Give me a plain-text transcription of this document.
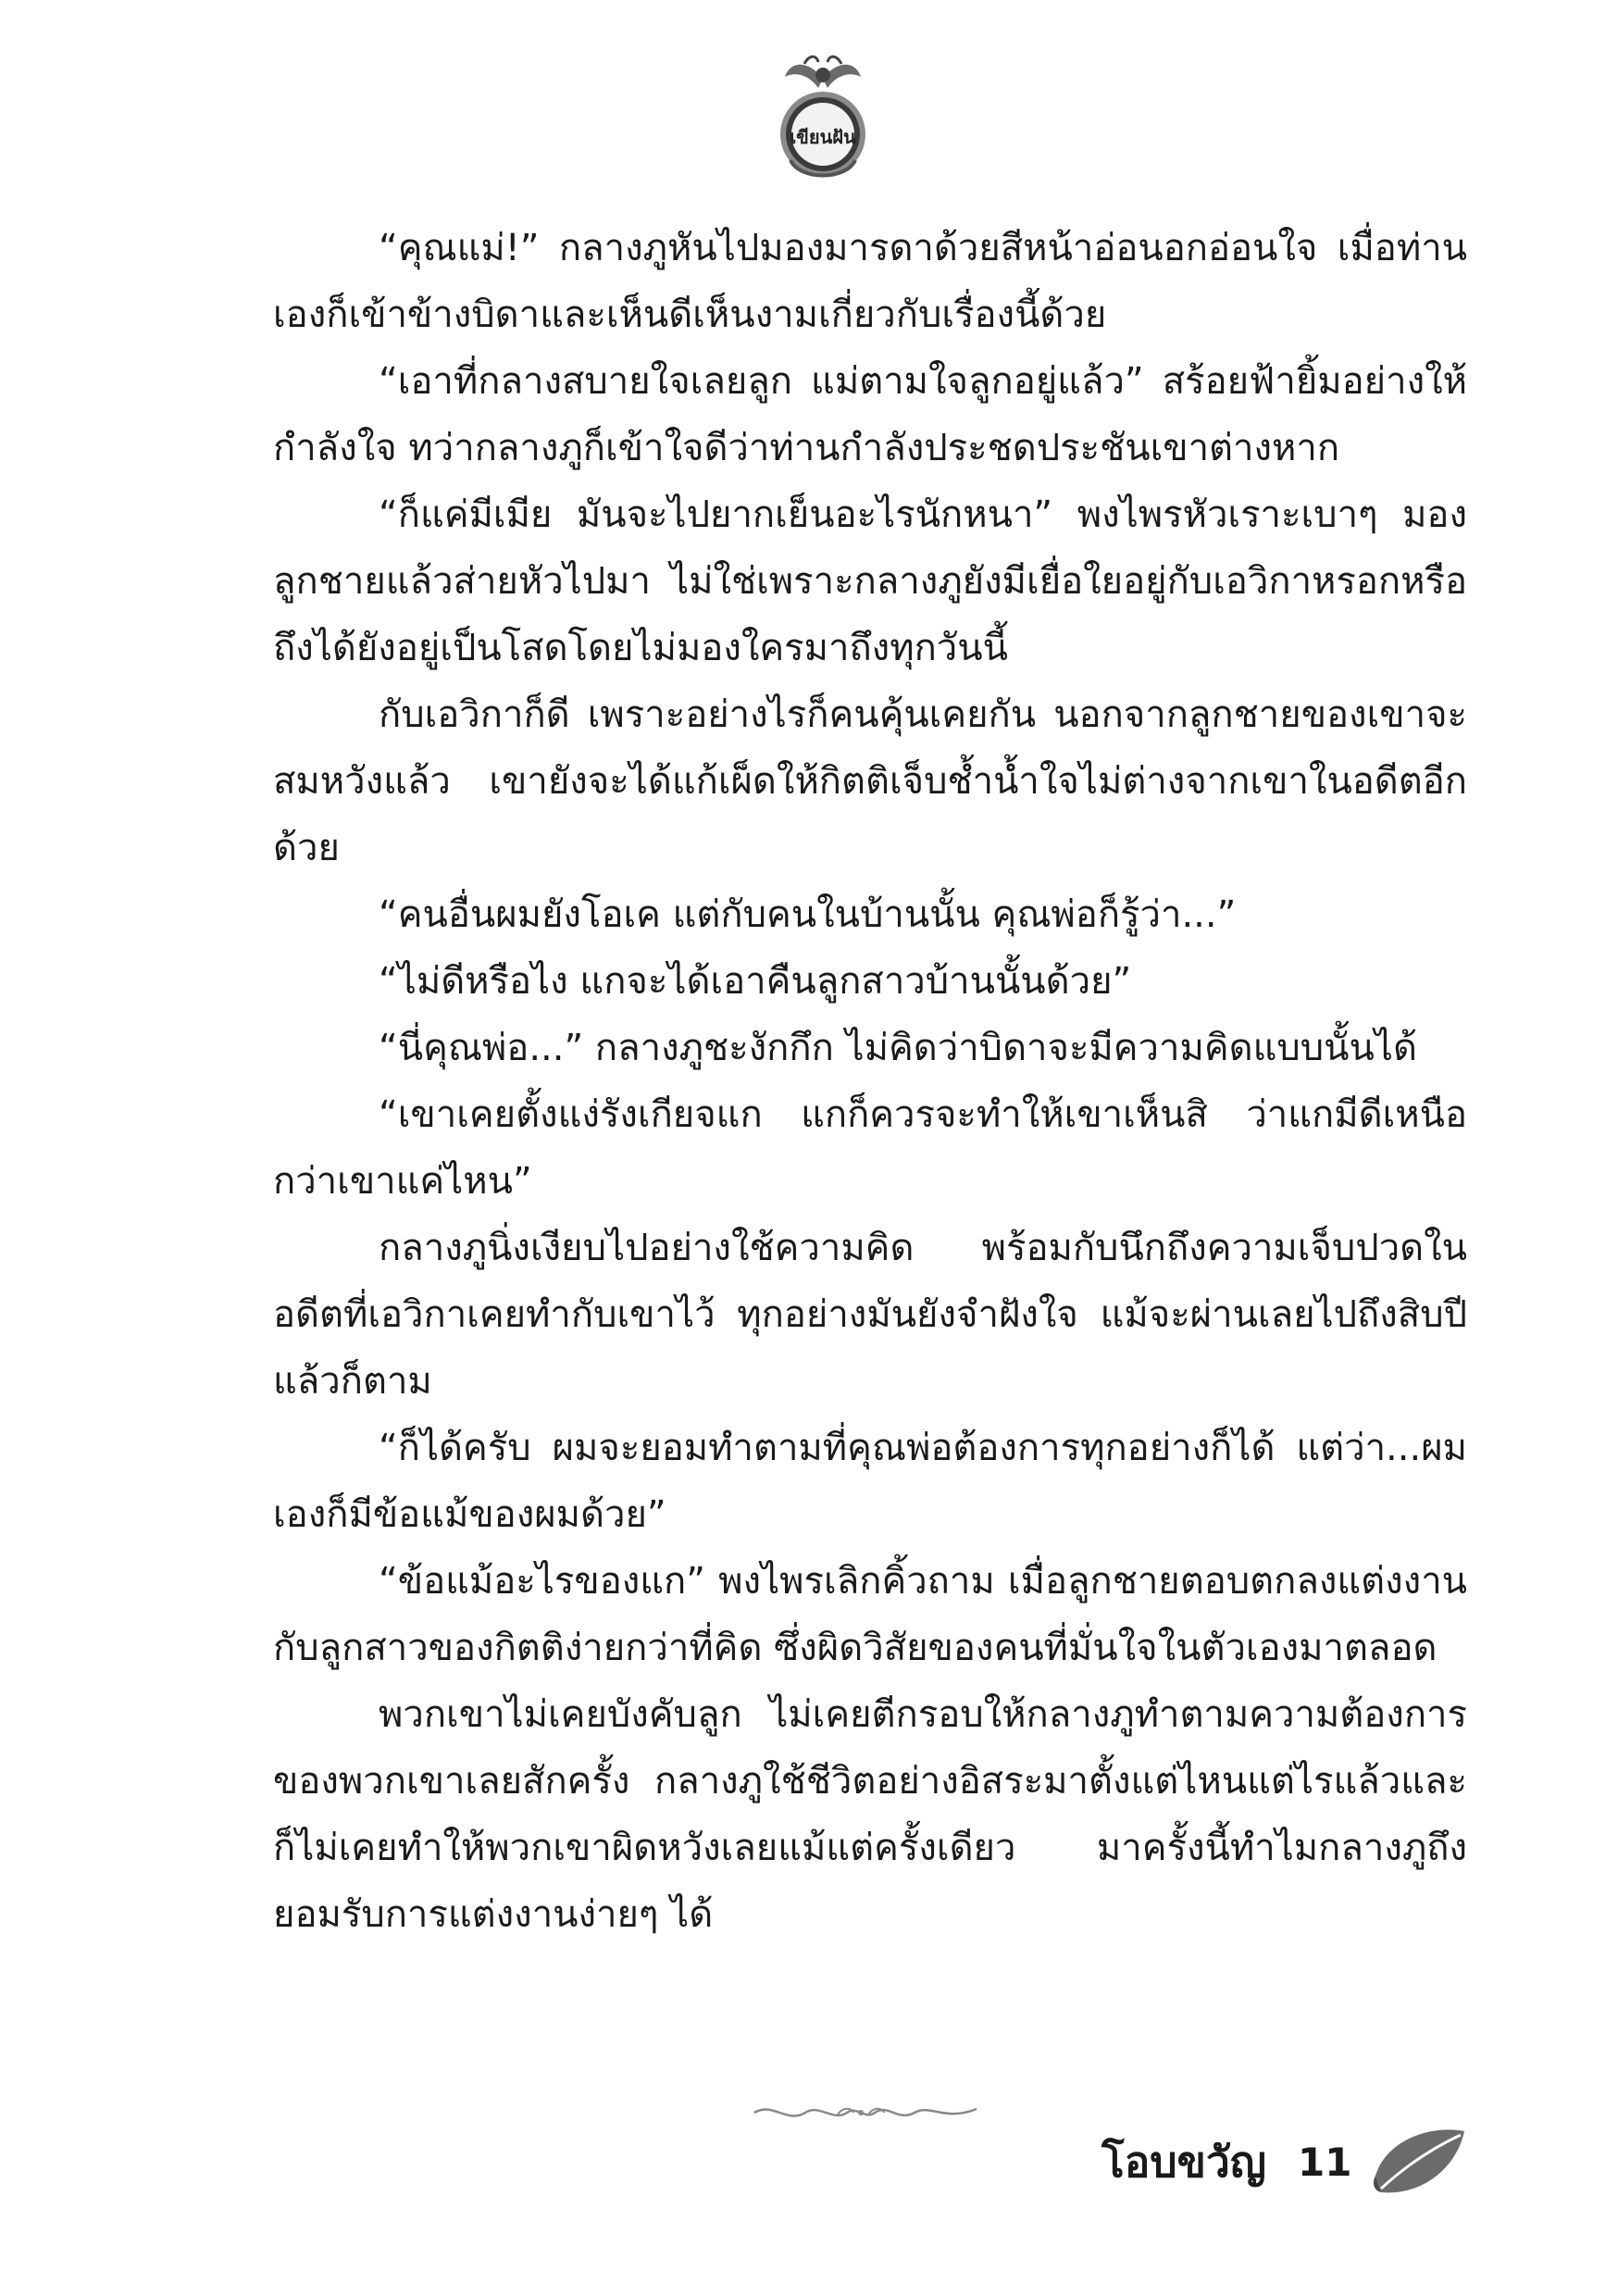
เขียนฝัน

“คุณแม่!” กลางภูหันไปมองมารดาด้วยสีหน้าอ่อนอกอ่อนใจ เมื่อท่านเองก็เข้าข้างบิดาและเห็นดีเห็นงามเกี่ยวกับเรื่องนี้ด้วย

“เอาที่กลางสบายใจเลยลูก แม่ตามใจลูกอยู่แล้ว” สร้อยฟ้ายิ้มอย่างให้กำลังใจ ทว่ากลางภูก็เข้าใจดีว่าท่านกำลังประชดประชันเขาต่างหาก

“ก็แค่มีเมีย มันจะไปยากเย็นอะไรนักหนา” พงไพรหัวเราะเบาๆ มองลูกชายแล้วส่ายหัวไปมา ไม่ใช่เพราะกลางภูยังมีเยื่อใยอยู่กับเอวิกาหรอกหรือถึงได้ยังอยู่เป็นโสดโดยไม่มองใครมาถึงทุกวันนี้

กับเอวิกาก็ดี เพราะอย่างไรก็คนคุ้นเคยกัน นอกจากลูกชายของเขาจะสมหวังแล้ว เขายังจะได้แก้เผ็ดให้กิตติเจ็บช้ำน้ำใจไม่ต่างจากเขาในอดีตอีกด้วย

“คนอื่นผมยังโอเค แต่กับคนในบ้านนั้น คุณพ่อก็รู้ว่า...”

“ไม่ดีหรือไง แกจะได้เอาคืนลูกสาวบ้านนั้นด้วย”

“นี่คุณพ่อ...” กลางภูชะงักกึก ไม่คิดว่าบิดาจะมีความคิดแบบนั้นได้

“เขาเคยตั้งแง่รังเกียจแก แกก็ควรจะทำให้เขาเห็นสิ ว่าแกมีดีเหนือกว่าเขาแค่ไหน”

กลางภูนิ่งเงียบไปอย่างใช้ความคิด พร้อมกับนึกถึงความเจ็บปวดในอดีตที่เอวิกาเคยทำกับเขาไว้ ทุกอย่างมันยังจำฝังใจ แม้จะผ่านเลยไปถึงสิบปีแล้วก็ตาม

“ก็ได้ครับ ผมจะยอมทำตามที่คุณพ่อต้องการทุกอย่างก็ได้ แต่ว่า...ผมเองก็มีข้อแม้ของผมด้วย”

“ข้อแม้อะไรของแก” พงไพรเลิกคิ้วถาม เมื่อลูกชายตอบตกลงแต่งงานกับลูกสาวของกิตติง่ายกว่าที่คิด ซึ่งผิดวิสัยของคนที่มั่นใจในตัวเองมาตลอด

พวกเขาไม่เคยบังคับลูก ไม่เคยตีกรอบให้กลางภูทำตามความต้องการของพวกเขาเลยสักครั้ง กลางภูใช้ชีวิตอย่างอิสระมาตั้งแต่ไหนแต่ไรแล้วและก็ไม่เคยทำให้พวกเขาผิดหวังเลยแม้แต่ครั้งเดียว มาครั้งนี้ทำไมกลางภูถึงยอมรับการแต่งงานง่ายๆ ได้

โอบขวัญ 11
